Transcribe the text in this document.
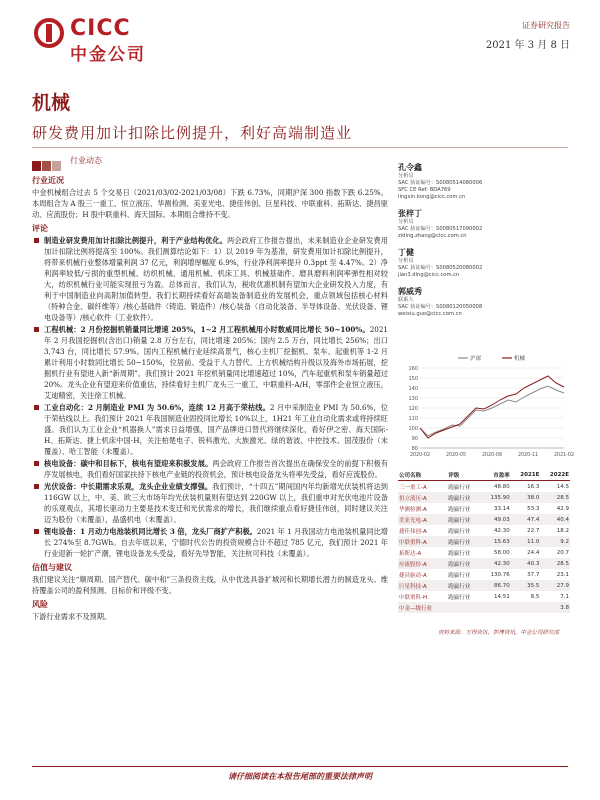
CICC
中金公司
证券研究报告
2021 年 3 月 8 日
机械
研发费用加计扣除比例提升，利好高端制造业
行业动态
行业近况
中金机械组合过去 5 个交易日（2021/03/02-2021/03/08）下跌 6.73%，同期沪深 300 指数下跌 6.25%。本周组合为 A 股三一重工、恒立液压、华测检测、美亚光电、捷佳伟创、巨星科技、中联重科、拓斯达、捷昌驱动、应流股份；H 股中联重科、海天国际。本期组合维持不变。
评论
制造业研发费用加计扣除比例提升，利于产业结构优化。两会政府工作报告提出，未来制造业企业研发费用加计扣除比例将提高至 100%。我们测算结论如下：1）以 2019 年为基准，研发费用加计扣除比例提升，将带来机械行业整体增量利润 37 亿元，利润增厚幅度 6.9%，行业净利润率提升 0.3ppt 至 4.47%。2）净利润率较低/亏损的重型机械、纺织机械、通用机械、机床工具、机械基础件、磨具磨料利润率弹性相对较大，纺织机械行业可能实现扭亏为盈。总体而言，我们认为，税收优惠机制有望加大企业研发投入力度，有利于中国制造业向高附加值转型。我们长期持续看好高端装备制造业的发展机会，重点领域包括核心材料（特种合金、碳纤维等）/核心基础件（铸造、锻造件）/核心装备（自动化装备、半导体设备、光伏设备、锂电设备等）/核心软件（工业软件）。
工程机械：2 月份挖掘机销量同比增速 205%，1~2 月工程机械用小时数威同比增长 50~100%。2021 年 2 月我国挖掘机(含出口)销量 2.8 万台左右，同比增速 205%；国内 2.5 万台，同比增长 256%；出口 3,743 台，同比增长 57.9%。国内工程机械行业延续高景气，核心主机厂挖掘机、泵车、起重机等 1-2 月累计利用小时数同比增长 50~150%，位居前、受益于人力替代、上方机械结构升级以及海外市场拓展，挖掘机行业有望进入新“新周期”。我们预计 2021 年挖机销量同比增速超过 10%，汽车起重机和泵车销量超过 20%。龙头企业有望迎来价值重估，持续看好主机厂龙头三一重工，中联重科-A/H，零部件企业恒立液压，艾迪精密，关注徐工机械。
工业自动化：2 月制造业 PMI 为 50.6%，连续 12 月高于荣枯线。2 月中采制造业 PMI 为 50.6%，位于荣枯线以上。我们预计 2021 年我国制造业固投同比增长 10%以上，1H21 年工业自动化需求或将持续旺盛。我们认为工业企业“机器换人”需求日益增强，国产品牌进口替代将继续深化，看好伊之密、海天国际-H、拓斯达、捷上机床中国-H，关注柏楚电子、锐科激光、大族激光、绿的谐波、中控技术、国茂股份（未覆盖）、哈工智能（未覆盖）。
核电设备：碳中和目标下，核电有望迎来积极发展。两会政府工作报告首次提出在确保安全的前提下积极有序发展核电，我们看好国家扶持下核电产业链的投资机会，预计核电设备龙头将率先受益，看好应流股份。
光伏设备：中长期需求乐观，龙头企业业绩支撑强。我们预计，“十四五”期间国内年均新增光伏装机将达到 116GW 以上，中、美、欧三大市场年均光伏装机量则有望达到 220GW 以上，我们重申对光伏电池片设备的乐观观点，其增长驱动力主要是技术变迁和光伏需求的增长，我们继续重点看好捷佳伟创，同时建议关注迈为股份（未覆盖），晶盛机电（未覆盖）。
锂电设备：1 月动力电池装机同比增长 3 倍，龙头厂商扩产积极。2021 年 1 月我国动力电池装机量同比增长 274%至 8.7GWh。自去年底以来，宁德时代公告的投资规模合计不超过 785 亿元，我们预计 2021 年行业迎新一轮扩产潮，锂电设备龙头受益，看好先导智能，关注杭可科技（未覆盖）。
估值与建议
我们建议关注“顺周期、国产替代、碳中和”三条投资主线，从中优选具备扩城河和长期增长潜力的制造龙头。维持覆盖公司的盈利预测、目标价和评级不变。
风险
下游行业需求不及预期。
孔令鑫
分析员
SAC 执证编号：S0080514080006
SFC CE Ref: BDA769
lingxin.kong@cicc.com.cn
张梓丁
分析员
SAC 执证编号：S0080517090002
ziding.zhang@cicc.com.cn
丁健
分析员
SAC 执证编号：S0080520080002
jian3.ding@cicc.com.cn
郭威秀
联系人
SAC 执证编号：S0080120050008
weixiu.guo@cicc.com.cn
80
90
100
110
120
130
140
150
160
2020-02	2020-05	2020-08	2020-11	2021-02
沪深	机械
公司名称	评级	市盈率	2021E	2022E
三一重工-A	跑赢行业	48.80	16.3	14.5
恒立液压-A	跑赢行业	135.90	38.0	28.5
华测检测-A	跑赢行业	33.14	53.3	42.9
美亚光电-A	跑赢行业	49.03	47.4	40.4
捷佳伟创-A	跑赢行业	42.30	22.7	18.2
中联重科-A	跑赢行业	15.63	11.0	9.2
拓斯达-A	跑赢行业	58.00	24.4	20.7
应流股份-A	跑赢行业	42.30	40.3	28.5
捷昌驱动-A	跑赢行业	130.76	37.7	23.1
巨星科技-A	跑赢行业	86.70	35.5	27.9
中联重科-H	跑赢行业	14.51	8.5	7.1
中金—级行业				3.8
资料来源：万得资讯，彭博资讯，中金公司研究部
请仔细阅读在本报告尾部的重要法律声明
